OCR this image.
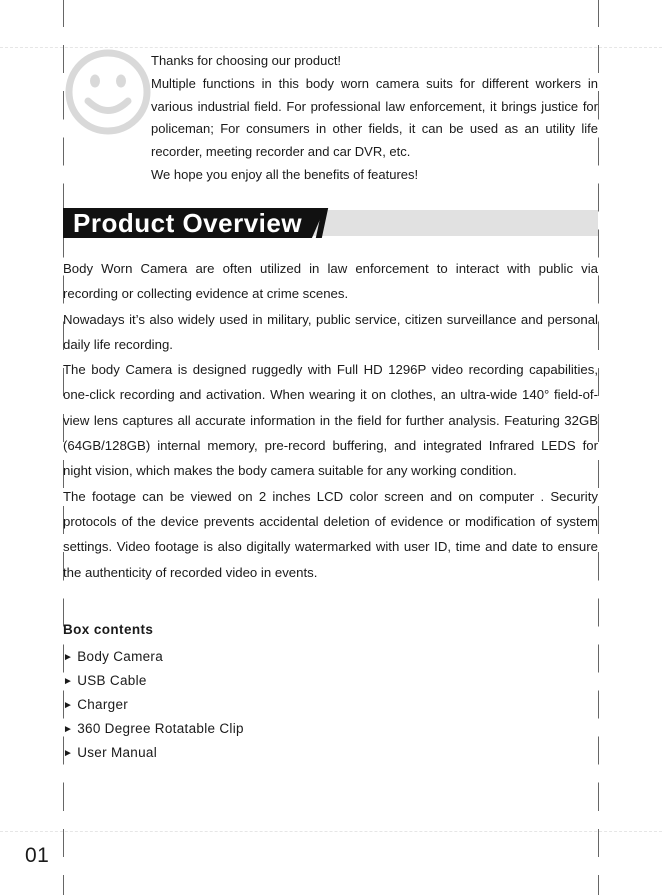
Thanks for choosing our product!

Multiple functions in this body worn camera suits for different workers in various industrial field. For professional law enforcement, it brings justice for policeman; For consumers in other fields, it can be used as an utility life recorder, meeting recorder and car DVR, etc.

We hope you enjoy all the benefits of features!

Product Overview

Body Worn Camera are often utilized in law enforcement to interact with public via recording or collecting evidence at crime scenes.

Nowadays it’s also widely used in military, public service, citizen surveillance and personal daily life recording.

The body Camera is designed ruggedly with Full HD 1296P video recording capabilities, one-click recording and activation. When wearing it on clothes, an ultra-wide 140° field-of-view lens captures all accurate information in the field for further analysis. Featuring 32GB (64GB/128GB) internal memory, pre-record buffering, and integrated Infrared LEDS for night vision, which makes the body camera suitable for any working condition.

The footage can be viewed on 2 inches LCD color screen and on computer . Security protocols of the device prevents accidental deletion of evidence or modification of system settings. Video footage is also digitally watermarked with user ID, time and date to ensure the authenticity of recorded video in events.

Box contents
► Body Camera
► USB Cable
► Charger
► 360 Degree Rotatable Clip
► User Manual
01
